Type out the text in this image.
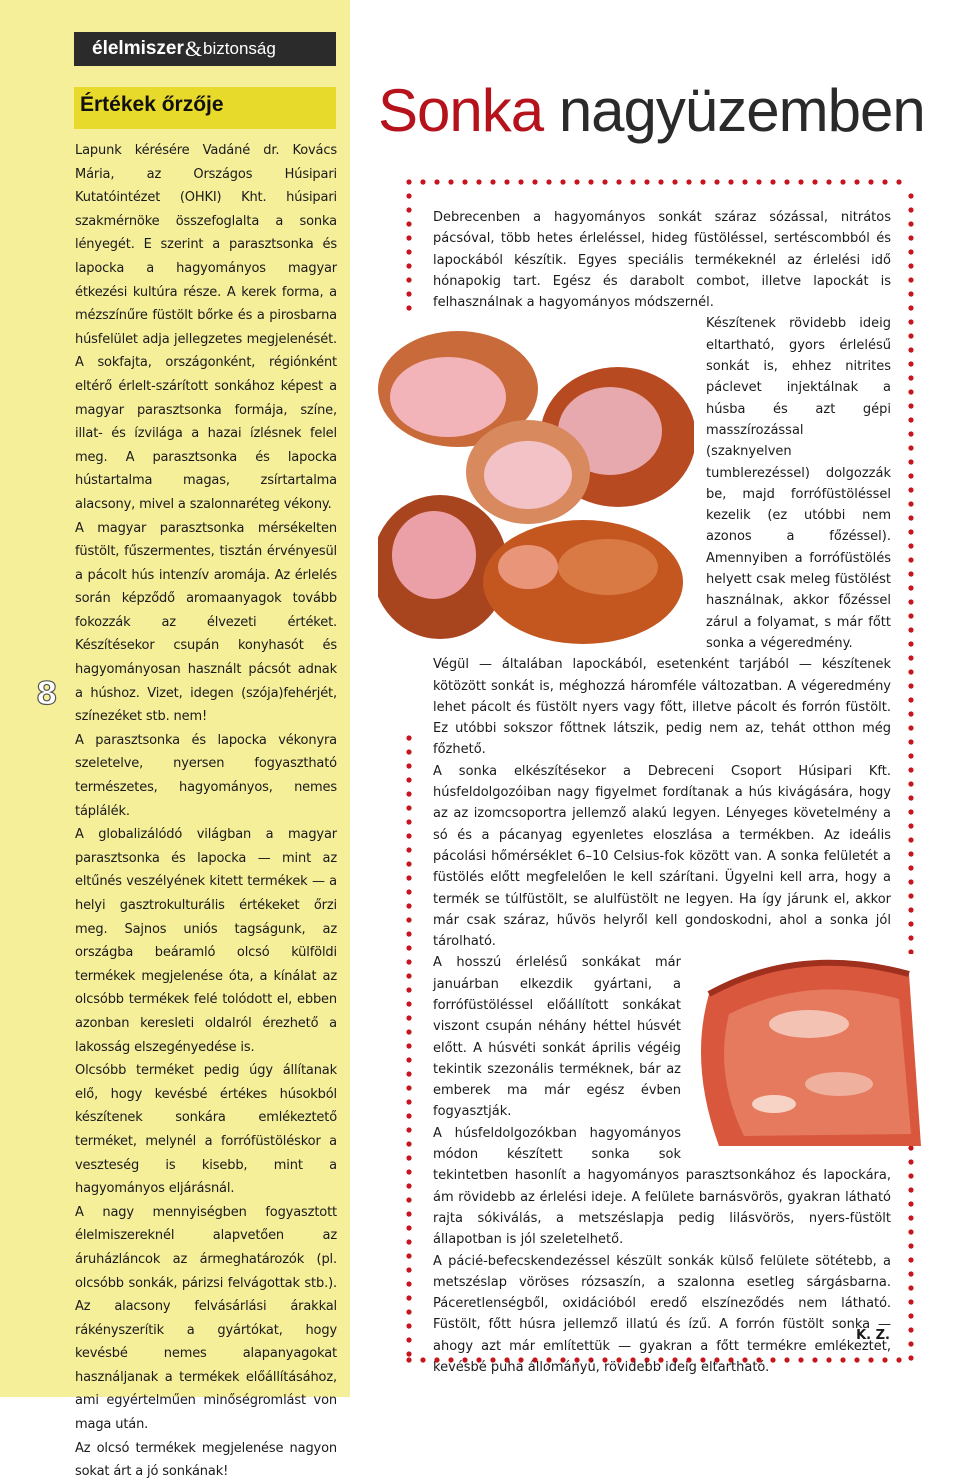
élelmiszer & biztonság
Értékek őrzője

Lapunk kérésére Vadáné dr. Kovács Mária, az Országos Húsipari Kutatóintézet (OHKI) Kht. húsipari szakmérnöke összefoglalta a sonka lényegét. E szerint a parasztsonka és lapocka a hagyományos magyar étkezési kultúra része. A kerek forma, a mézszínűre füstölt bőrke és a pirosbarna húsfelület adja jellegzetes megjelenését. A sokfajta, országonként, régiónként eltérő érlelt-szárított sonkához képest a magyar parasztsonka formája, színe, illat- és ízvilága a hazai ízlésnek felel meg. A parasztsonka és lapocka hústartalma magas, zsírtartalma alacsony, mivel a szalonnaréteg vékony.

A magyar parasztsonka mérsékelten füstölt, fűszermentes, tisztán érvényesül a pácolt hús intenzív aromája. Az érlelés során képződő aromaanyagok tovább fokozzák az élvezeti értéket. Készítésekor csupán konyhasót és hagyományosan használt pácsót adnak a húshoz. Vizet, idegen (szója)fehérjét, színezéket stb. nem!

A parasztsonka és lapocka vékonyra szeletelve, nyersen fogyasztható természetes, hagyományos, nemes táplálék.

A globalizálódó világban a magyar parasztsonka és lapocka — mint az eltűnés veszélyének kitett termékek — a helyi gasztrokulturális értékeket őrzi meg. Sajnos uniós tagságunk, az országba beáramló olcsó külföldi termékek megjelenése óta, a kínálat az olcsóbb termékek felé tolódott el, ebben azonban keresleti oldalról érezhető a lakosság elszegényedése is.

Olcsóbb terméket pedig úgy állítanak elő, hogy kevésbé értékes húsokból készítenek sonkára emlékeztető terméket, melynél a forrófüstöléskor a veszteség is kisebb, mint a hagyományos eljárásnál.

A nagy mennyiségben fogyasztott élelmiszereknél alapvetően az áruházláncok az ármeghatározók (pl. olcsóbb sonkák, párizsi felvágottak stb.). Az alacsony felvásárlási árakkal rákényszerítik a gyártókat, hogy kevésbé nemes alapanyagokat használjanak a termékek előállításához, ami egyértelműen minőségromlást von maga után.

Az olcsó termékek megjelenése nagyon sokat árt a jó sonkának!

8
Sonka nagyüzemben

Debrecenben a hagyományos sonkát száraz sózással, nitrátos pácsóval, több hetes érleléssel, hideg füstöléssel, sertéscombból és lapockából készítik. Egyes speciális termékeknél az érlelési idő hónapokig tart. Egész és darabolt combot, illetve lapockát is felhasználnak a hagyományos módszernél.

Készítenek rövidebb ideig eltartható, gyors érlelésű sonkát is, ehhez nitrites páclevet injektálnak a húsba és azt gépi masszírozással (szaknyelven tumblerezéssel) dolgozzák be, majd forrófüstöléssel kezelik (ez utóbbi nem azonos a főzéssel). Amennyiben a forrófüstölés helyett csak meleg füstölést használnak, akkor főzéssel zárul a folyamat, s már főtt sonka a végeredmény.

Végül — általában lapockából, esetenként tarjából — készítenek kötözött sonkát is, méghozzá háromféle változatban. A végeredmény lehet pácolt és füstölt nyers vagy főtt, illetve pácolt és forrón füstölt. Ez utóbbi sokszor főttnek látszik, pedig nem az, tehát otthon még főzhető.

A sonka elkészítésekor a Debreceni Csoport Húsipari Kft. húsfeldolgozóiban nagy figyelmet fordítanak a hús kivágására, hogy az az izomcsoportra jellemző alakú legyen. Lényeges követelmény a só és a pácanyag egyenletes eloszlása a termékben. Az ideális pácolási hőmérséklet 6–10 Celsius-fok között van. A sonka felületét a füstölés előtt megfelelően le kell szárítani. Ügyelni kell arra, hogy a termék se túlfüstölt, se alulfüstölt ne legyen. Ha így járunk el, akkor már csak száraz, hűvös helyről kell gondoskodni, ahol a sonka jól tárolható.

A hosszú érlelésű sonkákat már januárban elkezdik gyártani, a forrófüstöléssel előállított sonkákat viszont csupán néhány héttel húsvét előtt. A húsvéti sonkát április végéig tekintik szezonális terméknek, bár az emberek ma már egész évben fogyasztják.

A húsfeldolgozókban hagyományos módon készített sonka sok tekintetben hasonlít a hagyományos parasztsonkához és lapockára, ám rövidebb az érlelési ideje. A felülete barnásvörös, gyakran látható rajta sókiválás, a metszéslapja pedig lilásvörös, nyers-füstölt állapotban is jól szeletelhető.

A pácié-befecskendezéssel készült sonkák külső felülete sötétebb, a metszéslap vöröses rózsaszín, a szalonna esetleg sárgásbarna. Páceretlenségből, oxidációból eredő elszíneződés nem látható. Füstölt, főtt húsra jellemző illatú és ízű. A forrón füstölt sonka — ahogy azt már említettük — gyakran a főtt termékre emlékeztet, kevésbé puha állományú, rövidebb ideig eltartható.

K. Z.
